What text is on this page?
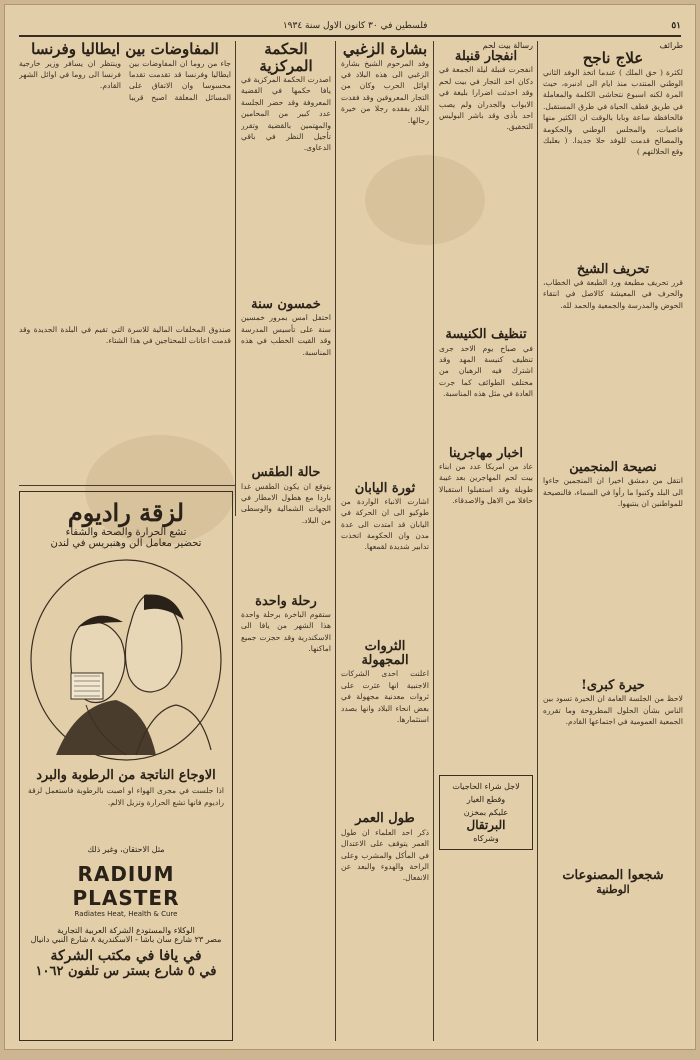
٥١
فلسطين في ٣٠ كانون الاول سنة ١٩٣٤
طرائف
علاج ناجح
لكثرة ( حق الملك ) عندما اتخذ الوفد الثاني الوطني المنتدب منذ ايام الى ادنبره، حيث المرة لكنه اسبوع نتحاشى الكلمة والمعاملة في طريق قطف الحياة في طرق المستقبل. فالحافظة ساعة وبابا بالوقت ان الكثير منها فاصيات، والمجلس الوطني والحكومة والمصالح قدمت للوفد حلا جديدا. ( بعلبك وقع الحلالتهم )
تحريف الشيخ
قرر تحريف مطبعة ورد الطبعة في الخطاب، والحرف في المعيشة كالاصل في انتقاء الحوض والمدرسة والجمعية والحمد لله.
نصيحة المنجمين
انتقل من دمشق اخيرا ان المنجمين جاءوا الى البلد وكتبوا ما رأوا في السماء، فالنصيحة للمواطنين ان ينتبهوا.
حيرة كبرى!
لاحظ من الجلسة العامة ان الحيرة تسود بين الناس بشأن الحلول المطروحة وما تقرره الجمعية العمومية في اجتماعها القادم.
شجعوا المصنوعات
الوطنية
رسالة بيت لحم
انفجار قنبلة
انفجرت قنبلة ليلة الجمعة في دكان احد التجار في بيت لحم وقد احدثت اضرارا بليغة في الابواب والجدران ولم يصب احد بأذى وقد باشر البوليس التحقيق.
تنظيف الكنيسة
في صباح يوم الاحد جرى تنظيف كنيسة المهد وقد اشترك فيه الرهبان من مختلف الطوائف كما جرت العادة في مثل هذه المناسبة.
اخبار مهاجرينا
عاد من امريكا عدد من ابناء بيت لحم المهاجرين بعد غيبة طويلة وقد استقبلوا استقبالا حافلا من الاهل والاصدقاء.
لاجل شراء الحاجيات
وقطع الغيار
عليكم بمخزن
البرتقال
وشركاه
بشارة الزغبي
وفد المرحوم الشيخ بشارة الزغبي الى هذه البلاد في اوائل الحرب وكان من التجار المعروفين وقد فقدت البلاد بفقده رجلا من خيرة رجالها.
ثورة اليابان
اشارت الانباء الواردة من طوكيو الى ان الحركة في اليابان قد امتدت الى عدة مدن وان الحكومة اتخذت تدابير شديدة لقمعها.
الثروات المجهولة
اعلنت احدى الشركات الاجنبية انها عثرت على ثروات معدنية مجهولة في بعض انحاء البلاد وانها بصدد استثمارها.
طول العمر
ذكر احد العلماء ان طول العمر يتوقف على الاعتدال في المأكل والمشرب وعلى الراحة والهدوء والبعد عن الانفعال.
الحكمة المركزية
اصدرت الحكمة المركزية في يافا حكمها في القضية المعروفة وقد حضر الجلسة عدد كبير من المحامين والمهتمين بالقضية وتقرر تأجيل النظر في باقي الدعاوى.
خمسون سنة
احتفل امس بمرور خمسين سنة على تأسيس المدرسة وقد القيت الخطب في هذه المناسبة.
حالة الطقس
يتوقع ان يكون الطقس غدا باردا مع هطول الامطار في الجهات الشمالية والوسطى من البلاد.
رحلة واحدة
ستقوم الباخرة برحلة واحدة هذا الشهر من يافا الى الاسكندرية وقد حجزت جميع اماكنها.
المفاوضات بين ايطاليا وفرنسا
جاء من روما ان المفاوضات بين ايطاليا وفرنسا قد تقدمت تقدما محسوسا وان الاتفاق على المسائل المعلقة اصبح قريبا وينتظر ان يسافر وزير خارجية فرنسا الى روما في اوائل الشهر القادم.
صندوق المخلفات المالية للاسرة التي تقيم في البلدة الجديدة وقد قدمت اعانات للمحتاجين في هذا الشتاء.
لزقة راديوم
تشع الحرارة والصحة والشفاء
تحضير معامل الن وهنبريس في لندن
الاوجاع الناتجة من الرطوبة والبرد
اذا جلست في مجرى الهواء او اصبت بالرطوبة فاستعمل لزقة راديوم فانها تشع الحرارة وتزيل الالم.
مثل الاحتقان، وغير ذلك
RADIUM PLASTER
Radiates Heat, Health & Cure
الوكلاء والمستودع الشركة العربية التجارية
مصر ٢٣ شارع سان باشا - الاسكندرية ٨ شارع النبي دانيال
في يافا في مكتب الشركة
في ٥ شارع بستر س تلفون ١٠٦٢
